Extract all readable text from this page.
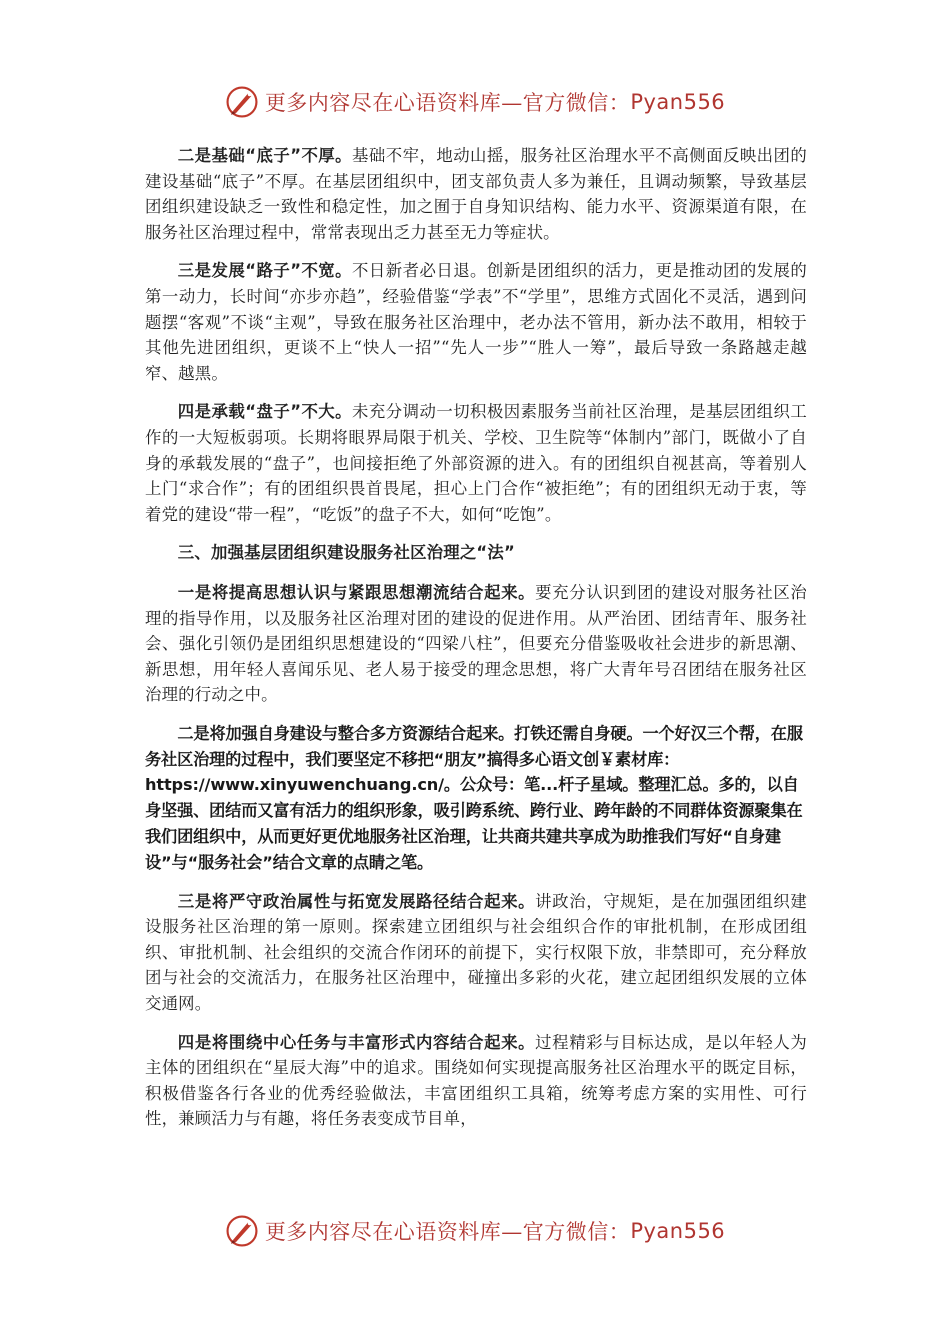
更多内容尽在心语资料库—官方微信： Pyan556

二是基础“底子”不厚。基础不牢，地动山摇，服务社区治理水平不高侧面反映出团的建设基础“底子”不厚。在基层团组织中，团支部负责人多为兼任，且调动频繁，导致基层团组织建设缺乏一致性和稳定性，加之囿于自身知识结构、能力水平、资源渠道有限，在服务社区治理过程中，常常表现出乏力甚至无力等症状。

三是发展“路子”不宽。不日新者必日退。创新是团组织的活力，更是推动团的发展的第一动力，长时间“亦步亦趋”，经验借鉴“学表”不“学里”，思维方式固化不灵活，遇到问题摆“客观”不谈“主观”，导致在服务社区治理中，老办法不管用，新办法不敢用，相较于其他先进团组织，更谈不上“快人一招”“先人一步”“胜人一筹”，最后导致一条路越走越窄、越黑。

四是承载“盘子”不大。未充分调动一切积极因素服务当前社区治理，是基层团组织工作的一大短板弱项。长期将眼界局限于机关、学校、卫生院等“体制内”部门，既做小了自身的承载发展的“盘子”，也间接拒绝了外部资源的进入。有的团组织自视甚高，等着别人上门“求合作”；有的团组织畏首畏尾，担心上门合作“被拒绝”；有的团组织无动于衷，等着党的建设“带一程”，“吃饭”的盘子不大，如何“吃饱”。

三、加强基层团组织建设服务社区治理之“法”

一是将提高思想认识与紧跟思想潮流结合起来。要充分认识到团的建设对服务社区治理的指导作用，以及服务社区治理对团的建设的促进作用。从严治团、团结青年、服务社会、强化引领仍是团组织思想建设的“四梁八柱”，但要充分借鉴吸收社会进步的新思潮、新思想，用年轻人喜闻乐见、老人易于接受的理念思想，将广大青年号召团结在服务社区治理的行动之中。

二是将加强自身建设与整合多方资源结合起来。打铁还需自身硬。一个好汉三个帮，在服务社区治理的过程中，我们要坚定不移把“朋友”搞得多心语文创￥素材库：https://www.xinyuwenchuang.cn/。公众号：笔...杆子星域。整理汇总。多的，以自身坚强、团结而又富有活力的组织形象，吸引跨系统、跨行业、跨年龄的不同群体资源聚集在我们团组织中，从而更好更优地服务社区治理，让共商共建共享成为助推我们写好“自身建设”与“服务社会”结合文章的点睛之笔。

三是将严守政治属性与拓宽发展路径结合起来。讲政治，守规矩，是在加强团组织建设服务社区治理的第一原则。探索建立团组织与社会组织合作的审批机制，在形成团组织、审批机制、社会组织的交流合作闭环的前提下，实行权限下放，非禁即可，充分释放团与社会的交流活力，在服务社区治理中，碰撞出多彩的火花，建立起团组织发展的立体交通网。

四是将围绕中心任务与丰富形式内容结合起来。过程精彩与目标达成，是以年轻人为主体的团组织在“星辰大海”中的追求。围绕如何实现提高服务社区治理水平的既定目标，积极借鉴各行各业的优秀经验做法，丰富团组织工具箱，统筹考虑方案的实用性、可行性，兼顾活力与有趣，将任务表变成节目单，

更多内容尽在心语资料库—官方微信： Pyan556
